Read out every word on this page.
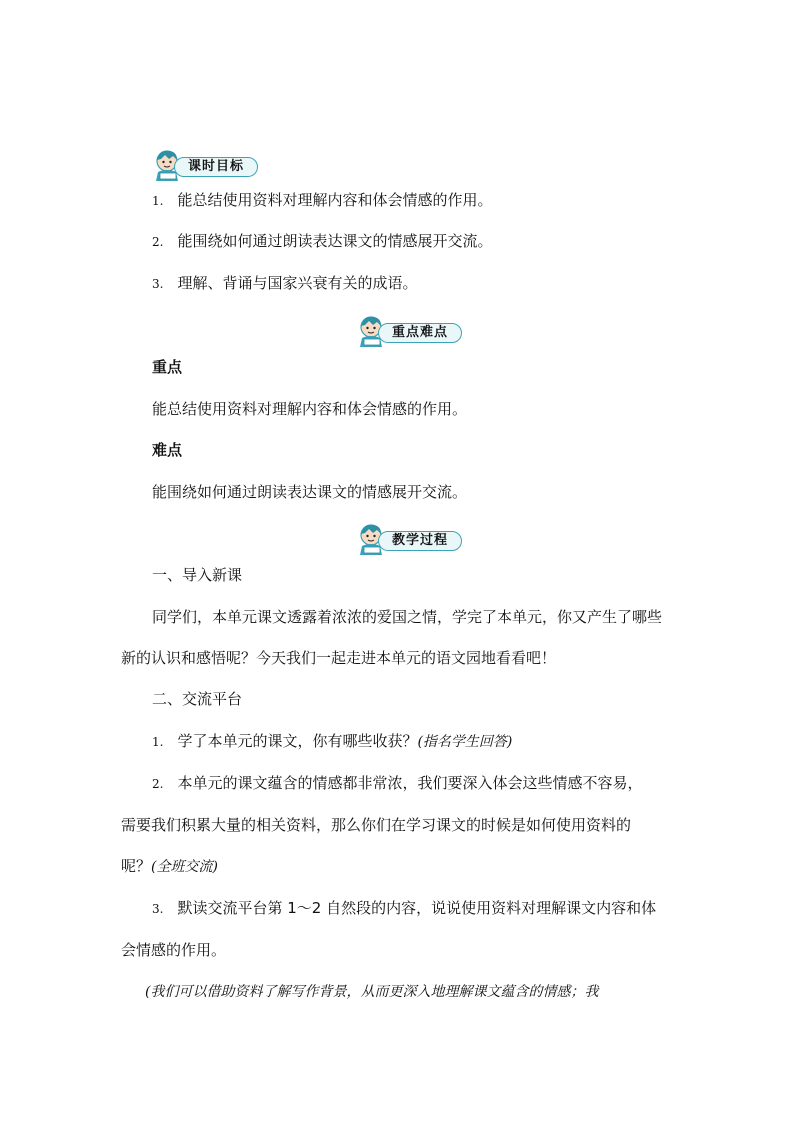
课时目标
1. 能总结使用资料对理解内容和体会情感的作用。
2. 能围绕如何通过朗读表达课文的情感展开交流。
3. 理解、背诵与国家兴衰有关的成语。
重点难点
重点
能总结使用资料对理解内容和体会情感的作用。
难点
能围绕如何通过朗读表达课文的情感展开交流。
教学过程
一、导入新课
同学们，本单元课文透露着浓浓的爱国之情，学完了本单元，你又产生了哪些
新的认识和感悟呢？今天我们一起走进本单元的语文园地看看吧！
二、交流平台
1. 学了本单元的课文，你有哪些收获？(指名学生回答)
2. 本单元的课文蕴含的情感都非常浓，我们要深入体会这些情感不容易，
需要我们积累大量的相关资料，那么你们在学习课文的时候是如何使用资料的
呢？(全班交流)
3. 默读交流平台第 1～2 自然段的内容，说说使用资料对理解课文内容和体
会情感的作用。
(我们可以借助资料了解写作背景，从而更深入地理解课文蕴含的情感；我
